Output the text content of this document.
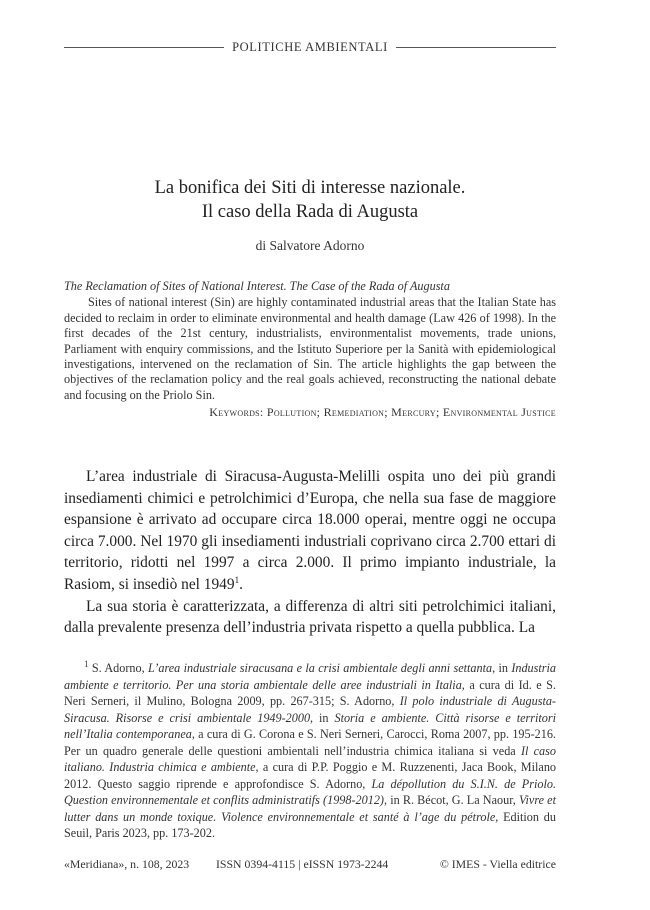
POLITICHE AMBIENTALI
La bonifica dei Siti di interesse nazionale.
Il caso della Rada di Augusta
di Salvatore Adorno
The Reclamation of Sites of National Interest. The Case of the Rada of Augusta

Sites of national interest (Sin) are highly contaminated industrial areas that the Italian State has decided to reclaim in order to eliminate environmental and health damage (Law 426 of 1998). In the first decades of the 21st century, industrialists, environmentalist movements, trade unions, Parliament with enquiry commissions, and the Istituto Superiore per la Sanità with epidemiological investigations, intervened on the reclamation of Sin. The article highlights the gap between the objectives of the reclamation policy and the real goals achieved, reconstructing the national debate and focusing on the Priolo Sin.

Keywords: Pollution; Remediation; Mercury; Environmental Justice

L’area industriale di Siracusa-Augusta-Melilli ospita uno dei più grandi insediamenti chimici e petrolchimici d’Europa, che nella sua fase de maggiore espansione è arrivato ad occupare circa 18.000 operai, mentre oggi ne occupa circa 7.000. Nel 1970 gli insediamenti industriali coprivano circa 2.700 ettari di territorio, ridotti nel 1997 a circa 2.000. Il primo impianto industriale, la Rasiom, si insediò nel 1949$^1$.

La sua storia è caratterizzata, a differenza di altri siti petrolchimici italiani, dalla prevalente presenza dell’industria privata rispetto a quella pubblica. La

$^1$ S. Adorno, L’area industriale siracusana e la crisi ambientale degli anni settanta, in Industria ambiente e territorio. Per una storia ambientale delle aree industriali in Italia, a cura di Id. e S. Neri Serneri, il Mulino, Bologna 2009, pp. 267-315; S. Adorno, Il polo industriale di Augusta-Siracusa. Risorse e crisi ambientale 1949-2000, in Storia e ambiente. Città risorse e territori nell’Italia contemporanea, a cura di G. Corona e S. Neri Serneri, Carocci, Roma 2007, pp. 195-216. Per un quadro generale delle questioni ambientali nell’industria chimica italiana si veda Il caso italiano. Industria chimica e ambiente, a cura di P.P. Poggio e M. Ruzzenenti, Jaca Book, Milano 2012. Questo saggio riprende e approfondisce S. Adorno, La dépollution du S.I.N. de Priolo. Question environnementale et conflits administratifs (1998-2012), in R. Bécot, G. La Naour, Vivre et lutter dans un monde toxique. Violence environnementale et santé à l’age du pétrole, Edition du Seuil, Paris 2023, pp. 173-202.

«Meridiana», n. 108, 2023 ISSN 0394-4115 | eISSN 1973-2244	© IMES - Viella editrice
